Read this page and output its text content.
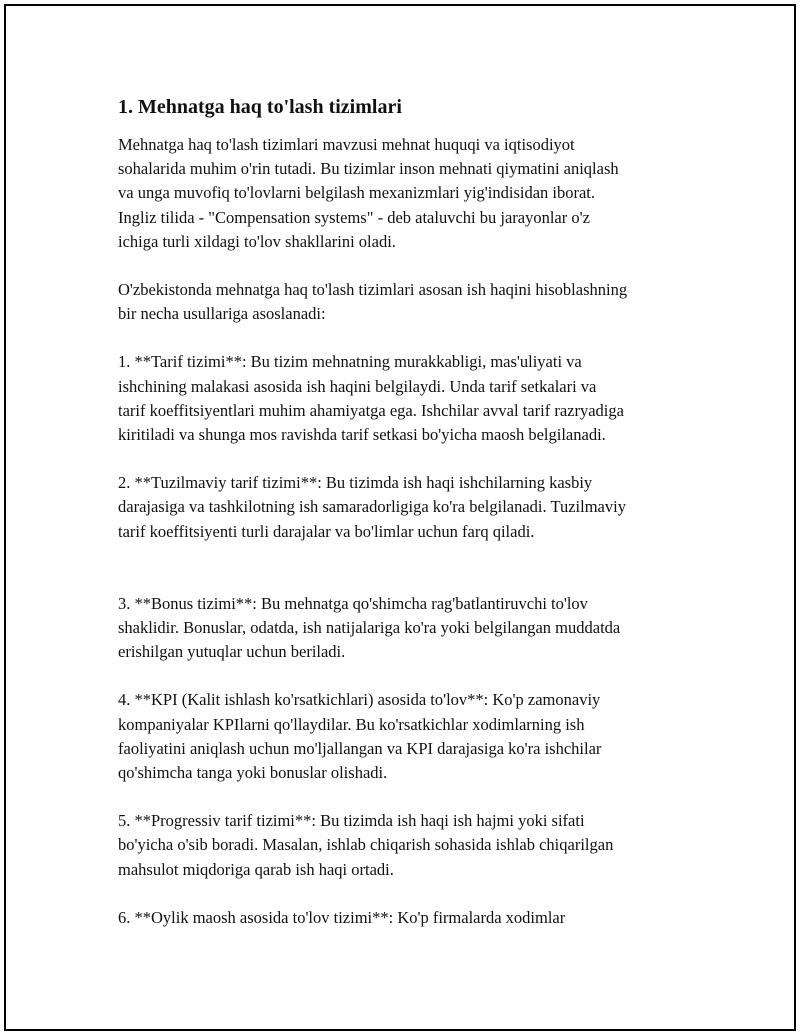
1. Mehnatga haq to'lash tizimlari

Mehnatga haq to'lash tizimlari mavzusi mehnat huquqi va iqtisodiyot
sohalarida muhim o'rin tutadi. Bu tizimlar inson mehnati qiymatini aniqlash
va unga muvofiq to'lovlarni belgilash mexanizmlari yig'indisidan iborat.
Ingliz tilida - "Compensation systems" - deb ataluvchi bu jarayonlar o'z
ichiga turli xildagi to'lov shakllarini oladi.

O'zbekistonda mehnatga haq to'lash tizimlari asosan ish haqini hisoblashning
bir necha usullariga asoslanadi:

1. **Tarif tizimi**: Bu tizim mehnatning murakkabligi, mas'uliyati va
ishchining malakasi asosida ish haqini belgilaydi. Unda tarif setkalari va
tarif koeffitsiyentlari muhim ahamiyatga ega. Ishchilar avval tarif razryadiga
kiritiladi va shunga mos ravishda tarif setkasi bo'yicha maosh belgilanadi.

2. **Tuzilmaviy tarif tizimi**: Bu tizimda ish haqi ishchilarning kasbiy
darajasiga va tashkilotning ish samaradorligiga ko'ra belgilanadi. Tuzilmaviy
tarif koeffitsiyenti turli darajalar va bo'limlar uchun farq qiladi.

3. **Bonus tizimi**: Bu mehnatga qo'shimcha rag'batlantiruvchi to'lov
shaklidir. Bonuslar, odatda, ish natijalariga ko'ra yoki belgilangan muddatda
erishilgan yutuqlar uchun beriladi.

4. **KPI (Kalit ishlash ko'rsatkichlari) asosida to'lov**: Ko'p zamonaviy
kompaniyalar KPIlarni qo'llaydilar. Bu ko'rsatkichlar xodimlarning ish
faoliyatini aniqlash uchun mo'ljallangan va KPI darajasiga ko'ra ishchilar
qo'shimcha tanga yoki bonuslar olishadi.

5. **Progressiv tarif tizimi**: Bu tizimda ish haqi ish hajmi yoki sifati
bo'yicha o'sib boradi. Masalan, ishlab chiqarish sohasida ishlab chiqarilgan
mahsulot miqdoriga qarab ish haqi ortadi.

6. **Oylik maosh asosida to'lov tizimi**: Ko'p firmalarda xodimlar
